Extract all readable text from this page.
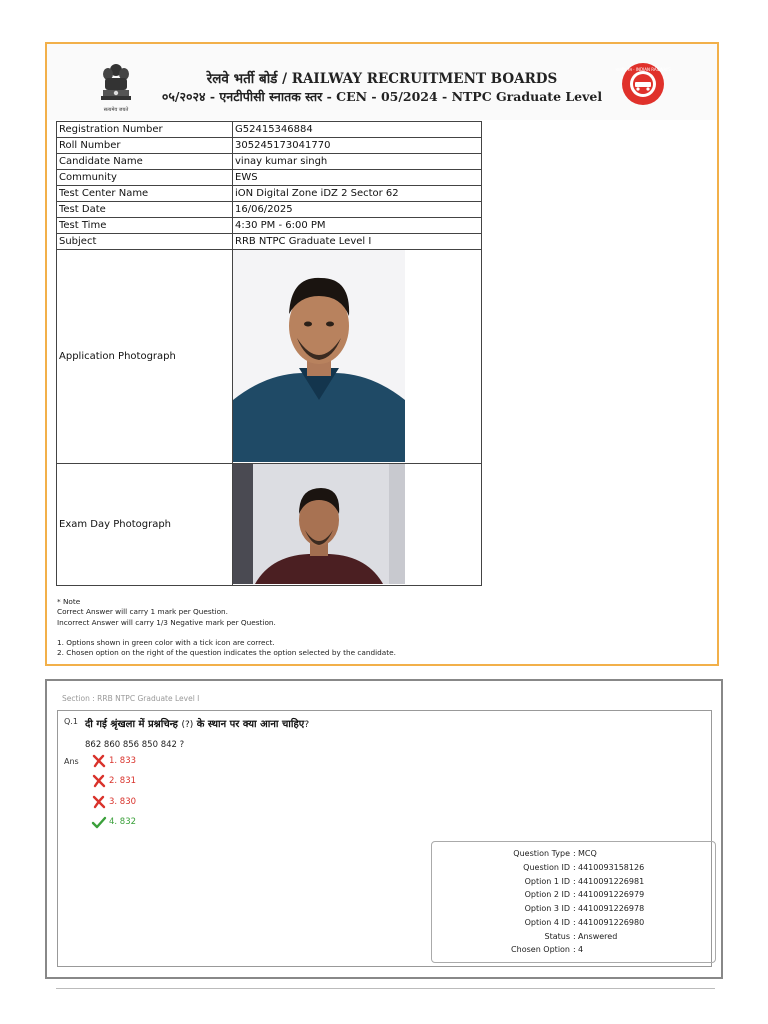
सत्यमेव जयते
रेलवे भर्ती बोर्ड / RAILWAY RECRUITMENT BOARDS
०५/२०२४ - एनटीपीसी स्नातक स्तर - CEN - 05/2024 - NTPC Graduate Level
भारतीय रेल · INDIAN RAILWAYS
Registration Number	G52415346884
Roll Number	305245173041770
Candidate Name	vinay kumar singh
Community	EWS
Test Center Name	iON Digital Zone iDZ 2 Sector 62
Test Date	16/06/2025
Test Time	4:30 PM - 6:00 PM
Subject	RRB NTPC Graduate Level I
Application Photograph	

Exam Day Photograph	
* Note
Correct Answer will carry 1 mark per Question.
Incorrect Answer will carry 1/3 Negative mark per Question.
1. Options shown in green color with a tick icon are correct.
2. Chosen option on the right of the question indicates the option selected by the candidate.
Section : RRB NTPC Graduate Level I
Q.1 दी गई श्रृंखला में प्रश्नचिन्ह (?) के स्थान पर क्या आना चाहिए?
862 860 856 850 842 ?
Ans	1. 833
2. 831
3. 830
4. 832
Question Type : MCQ
Question ID : 4410093158126
Option 1 ID : 4410091226981
Option 2 ID : 4410091226979
Option 3 ID : 4410091226978
Option 4 ID : 4410091226980
Status : Answered
Chosen Option : 4
